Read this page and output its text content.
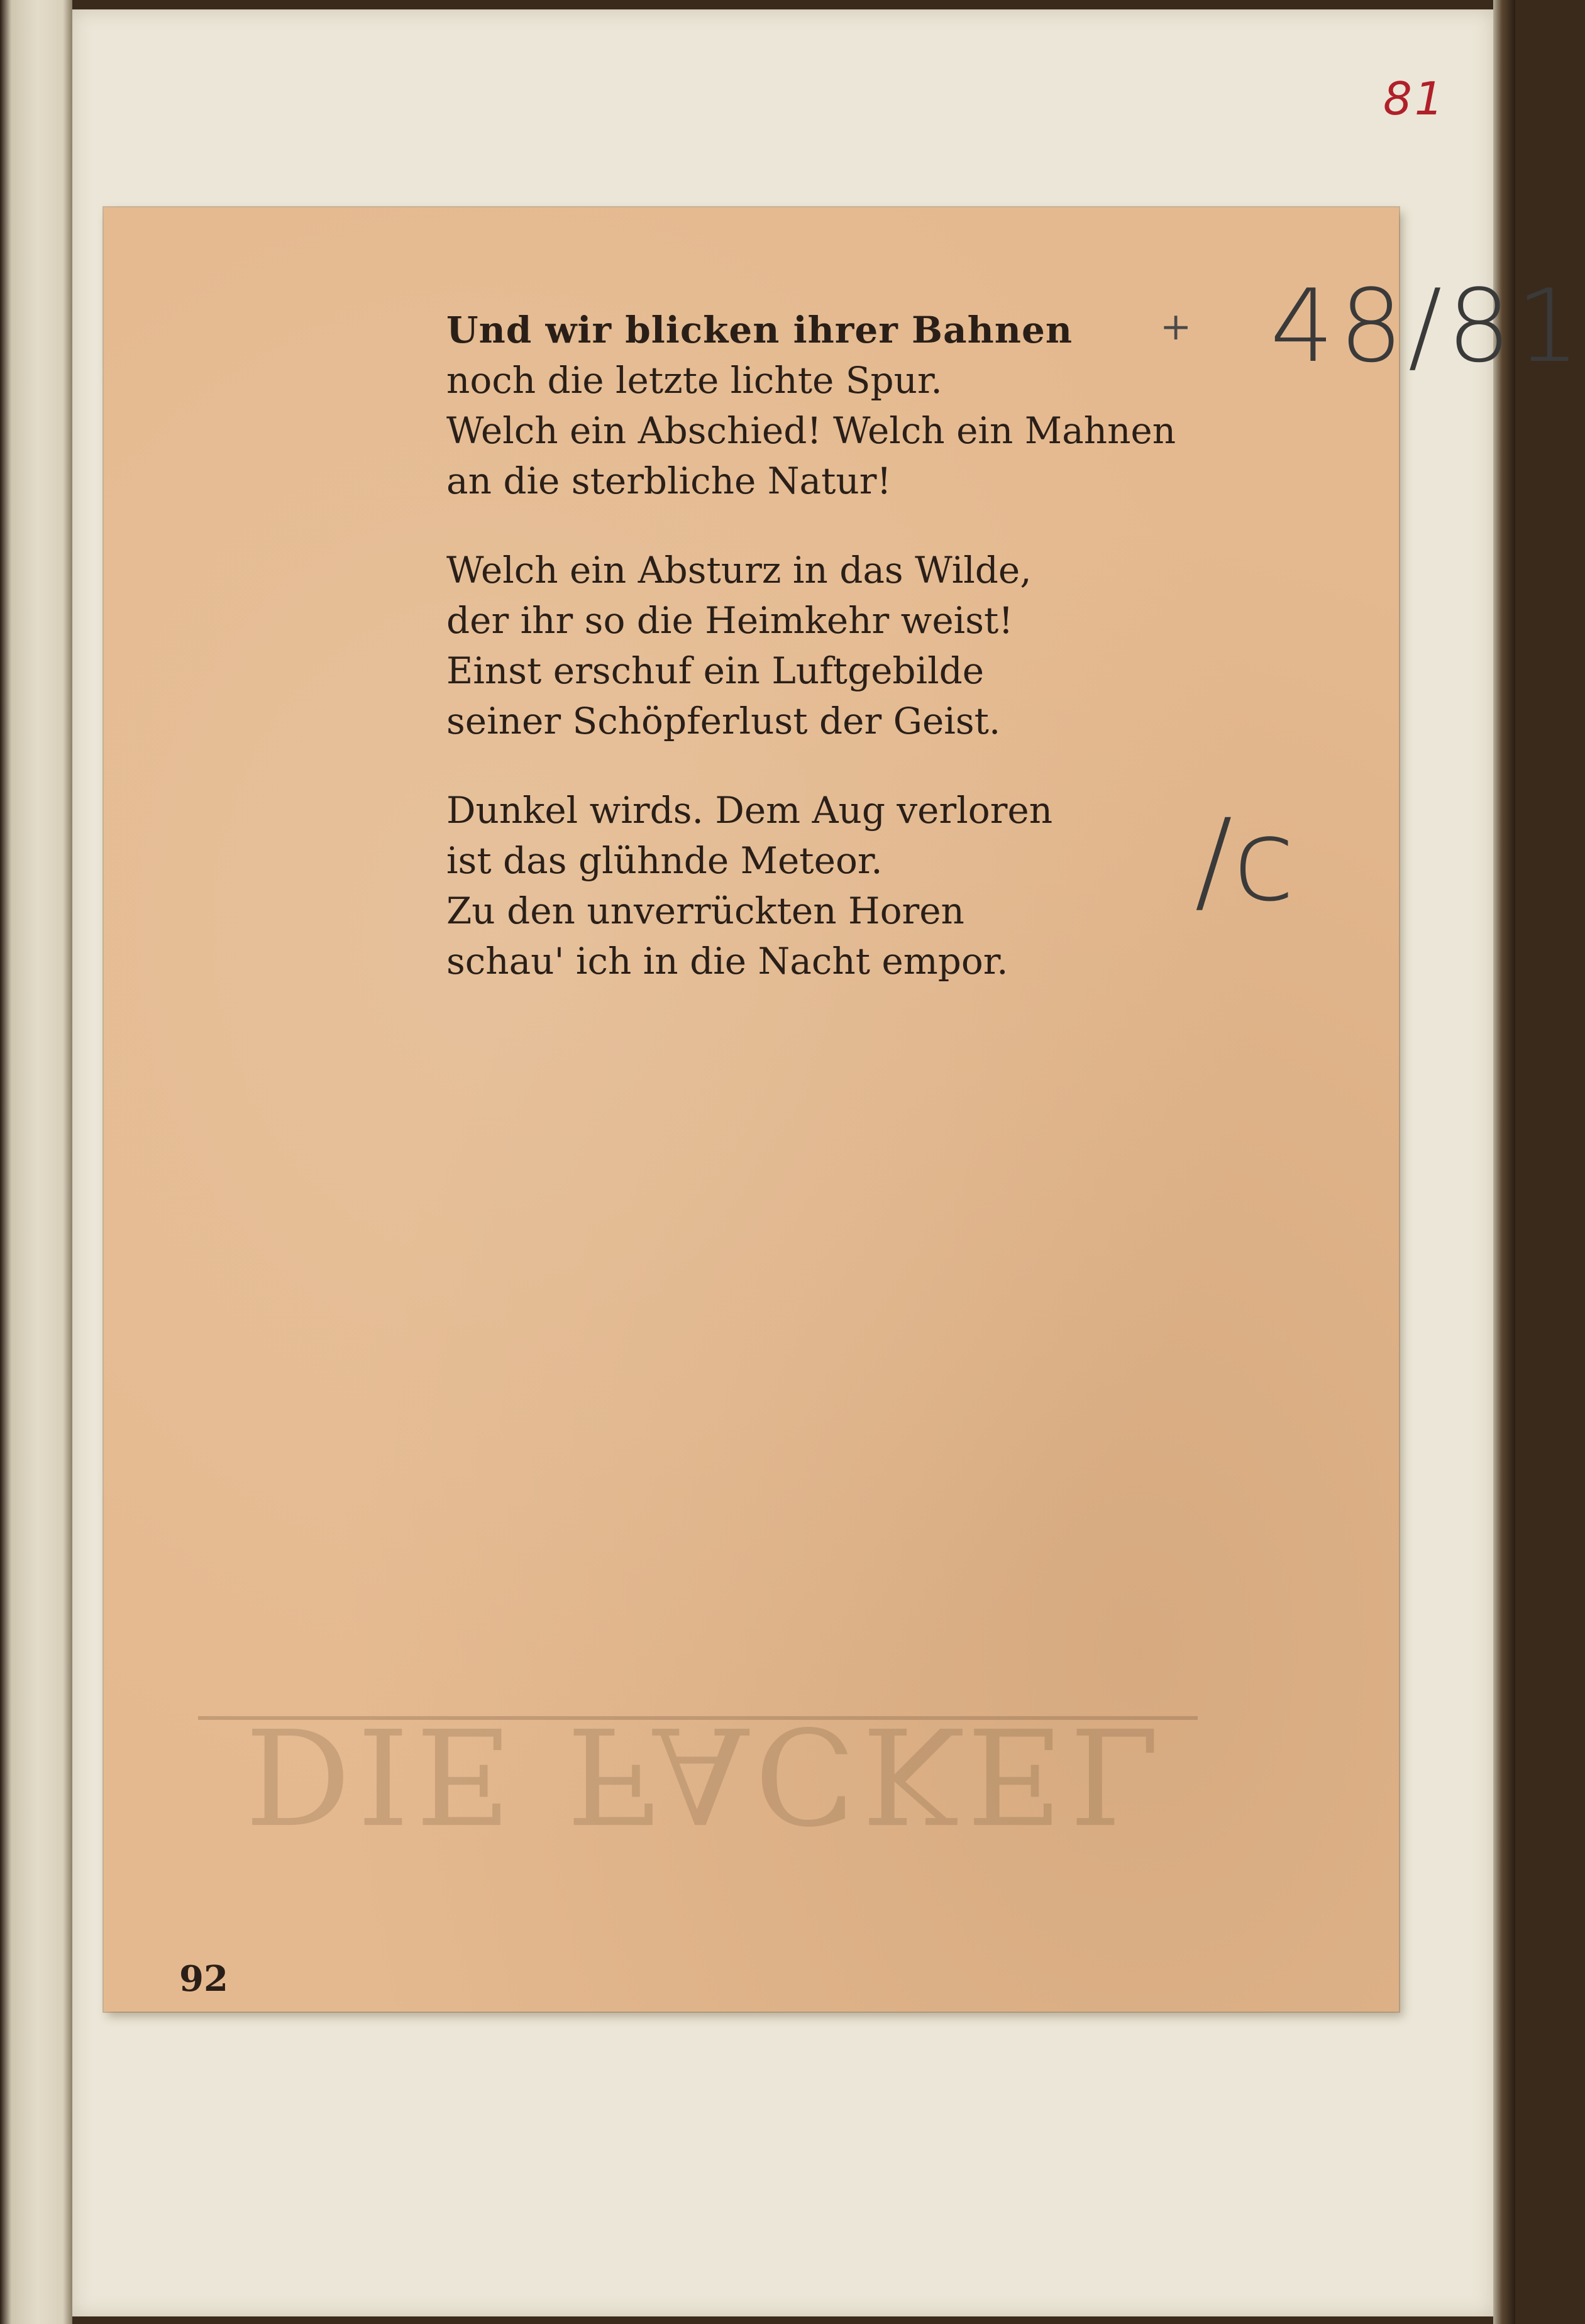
81
DIE FACKEL
+ 48/81
/c
Und wir blicken ihrer Bahnen
noch die letzte lichte Spur.
Welch ein Abschied! Welch ein Mahnen
an die sterbliche Natur!
Welch ein Absturz in das Wilde,
der ihr so die Heimkehr weist!
Einst erschuf ein Luftgebilde
seiner Schöpferlust der Geist.
Dunkel wirds. Dem Aug verloren
ist das glühnde Meteor.
Zu den unverrückten Horen
schau' ich in die Nacht empor.
92
